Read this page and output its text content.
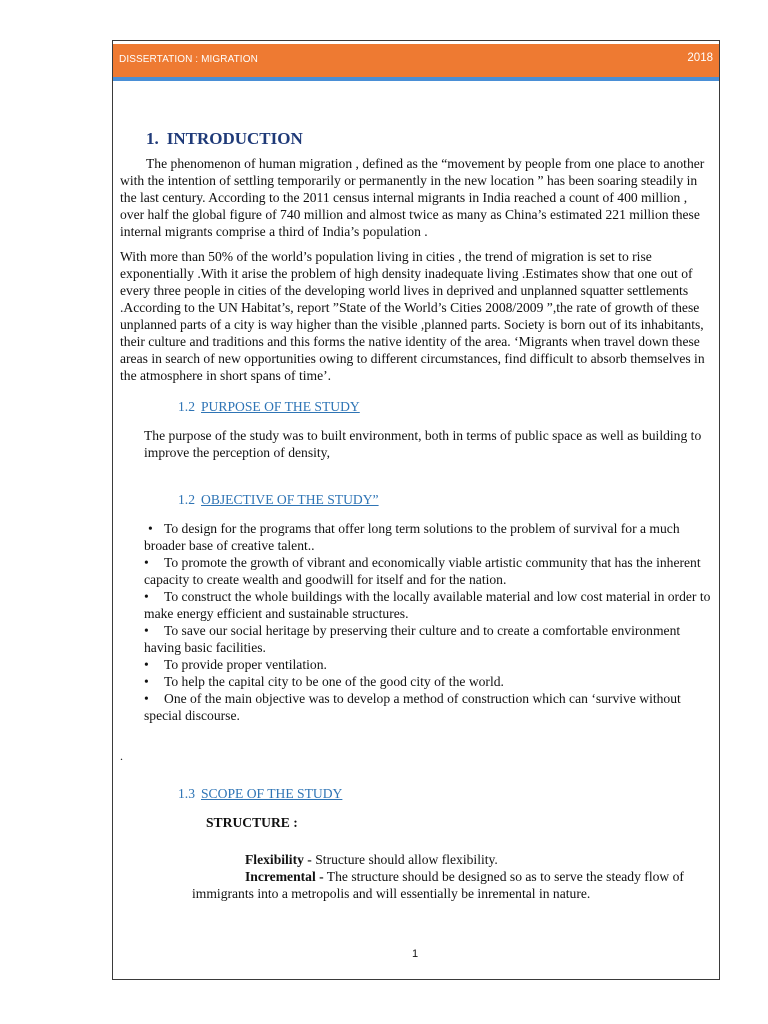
DISSERTATION : MIGRATION	2018
1. INTRODUCTION

The phenomenon of human migration , defined as the “movement by people from one place to another with the intention of settling temporarily or permanently in the new location ” has been soaring steadily in the last century. According to the 2011 census internal migrants in India reached a count of 400 million , over half the global figure of 740 million and almost twice as many as China’s estimated 221 million these internal migrants comprise a third of India’s population .

With more than 50% of the world’s population living in cities , the trend of migration is set to rise exponentially .With it arise the problem of high density inadequate living .Estimates show that one out of every three people in cities of the developing world lives in deprived and unplanned squatter settlements .According to the UN Habitat’s, report ”State of the World’s Cities 2008/2009 ”,the rate of growth of these unplanned parts of a city is way higher than the visible ,planned parts. Society is born out of its inhabitants, their culture and traditions and this forms the native identity of the area. ‘Migrants when travel down these areas in search of new opportunities owing to different circumstances, find difficult to absorb themselves in the atmosphere in short spans of time’.

1.2 PURPOSE OF THE STUDY

The purpose of the study was to built environment, both in terms of public space as well as building to improve the perception of density,

1.2 OBJECTIVE OF THE STUDY”
• To design for the programs that offer long term solutions to the problem of survival for a much broader base of creative talent..
• To promote the growth of vibrant and economically viable artistic community that has the inherent capacity to create wealth and goodwill for itself and for the nation.
• To construct the whole buildings with the locally available material and low cost material in order to make energy efficient and sustainable structures.
• To save our social heritage by preserving their culture and to create a comfortable environment having basic facilities.
• To provide proper ventilation.
• To help the capital city to be one of the good city of the world.
• One of the main objective was to develop a method of construction which can ‘survive without special discourse.

.

1.3 SCOPE OF THE STUDY

STRUCTURE :

Flexibility - Structure should allow flexibility.

Incremental - The structure should be designed so as to serve the steady flow of immigrants into a metropolis and will essentially be inremental in nature.

1
